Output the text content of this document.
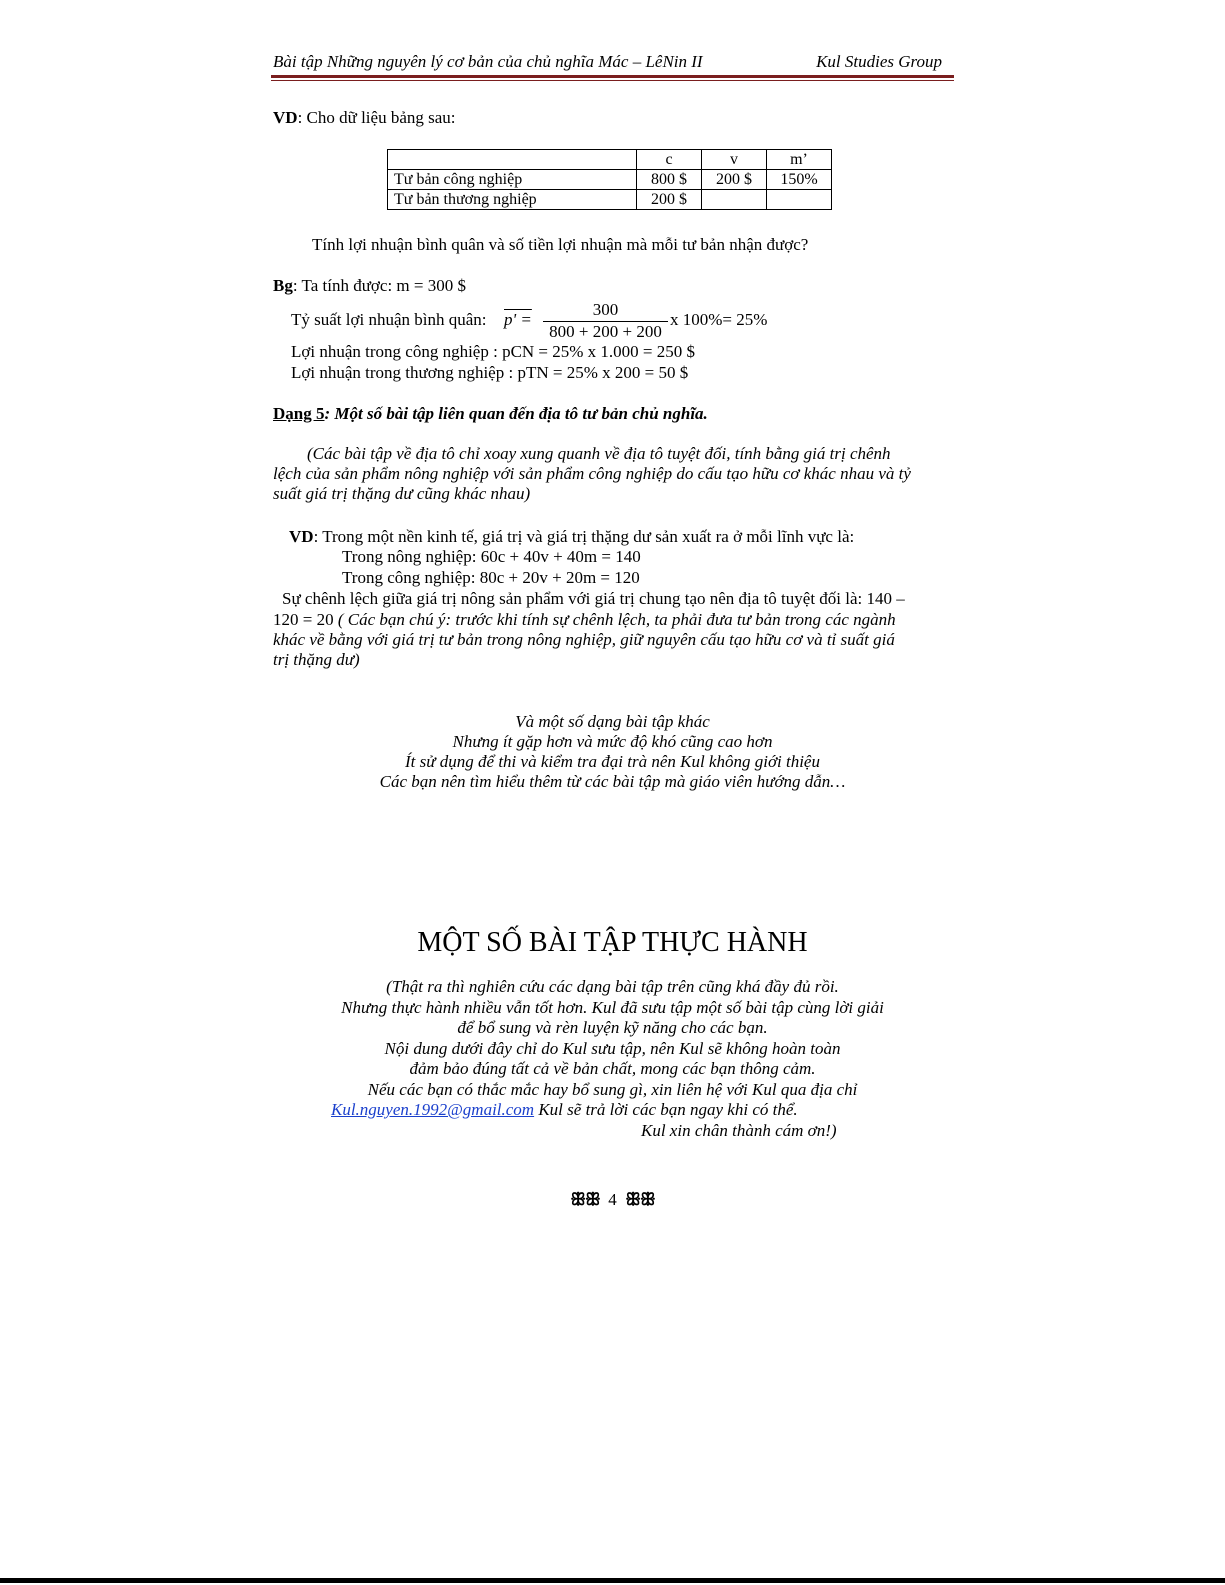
Bài tập Những nguyên lý cơ bản của chủ nghĩa Mác – LêNin II	Kul Studies Group
VD: Cho dữ liệu bảng sau:
	c	v	m’
Tư bản công nghiệp	800 $	200 $	150%
Tư bản thương nghiệp	200 $		
Tính lợi nhuận bình quân và số tiền lợi nhuận mà mỗi tư bản nhận được?
Bg: Ta tính được: m = 300 $
Tỷ suất lợi nhuận bình quân: p' =
300
800 + 200 + 200
x 100%= 25%
Lợi nhuận trong công nghiệp : pCN = 25% x 1.000 = 250 $
Lợi nhuận trong thương nghiệp : pTN = 25% x 200 = 50 $
Dạng 5: Một số bài tập liên quan đến địa tô tư bản chủ nghĩa.
(Các bài tập về địa tô chỉ xoay xung quanh về địa tô tuyệt đối, tính bằng giá trị chênh
lệch của sản phẩm nông nghiệp với sản phẩm công nghiệp do cấu tạo hữu cơ khác nhau và tỷ
suất giá trị thặng dư cũng khác nhau)
VD: Trong một nền kinh tế, giá trị và giá trị thặng dư sản xuất ra ở mỗi lĩnh vực là:
Trong nông nghiệp: 60c + 40v + 40m = 140
Trong công nghiệp: 80c + 20v + 20m = 120
Sự chênh lệch giữa giá trị nông sản phẩm với giá trị chung tạo nên địa tô tuyệt đối là: 140 –
120 = 20 ( Các bạn chú ý: trước khi tính sự chênh lệch, ta phải đưa tư bản trong các ngành
khác về bằng với giá trị tư bản trong nông nghiệp, giữ nguyên cấu tạo hữu cơ và tỉ suất giá
trị thặng dư)
Và một số dạng bài tập khác
Nhưng ít gặp hơn và mức độ khó cũng cao hơn
Ít sử dụng để thi và kiểm tra đại trà nên Kul không giới thiệu
Các bạn nên tìm hiểu thêm từ các bài tập mà giáo viên hướng dẫn…
MỘT SỐ BÀI TẬP THỰC HÀNH
(Thật ra thì nghiên cứu các dạng bài tập trên cũng khá đầy đủ rồi.
Nhưng thực hành nhiều vẫn tốt hơn. Kul đã sưu tập một số bài tập cùng lời giải
để bổ sung và rèn luyện kỹ năng cho các bạn.
Nội dung dưới đây chỉ do Kul sưu tập, nên Kul sẽ không hoàn toàn
đảm bảo đúng tất cả về bản chất, mong các bạn thông cảm.
Nếu các bạn có thắc mắc hay bổ sung gì, xin liên hệ với Kul qua địa chỉ
Kul.nguyen.1992@gmail.com Kul sẽ trả lời các bạn ngay khi có thể.
Kul xin chân thành cám ơn!)
ꕥꕥ 4 ꕥꕥ
